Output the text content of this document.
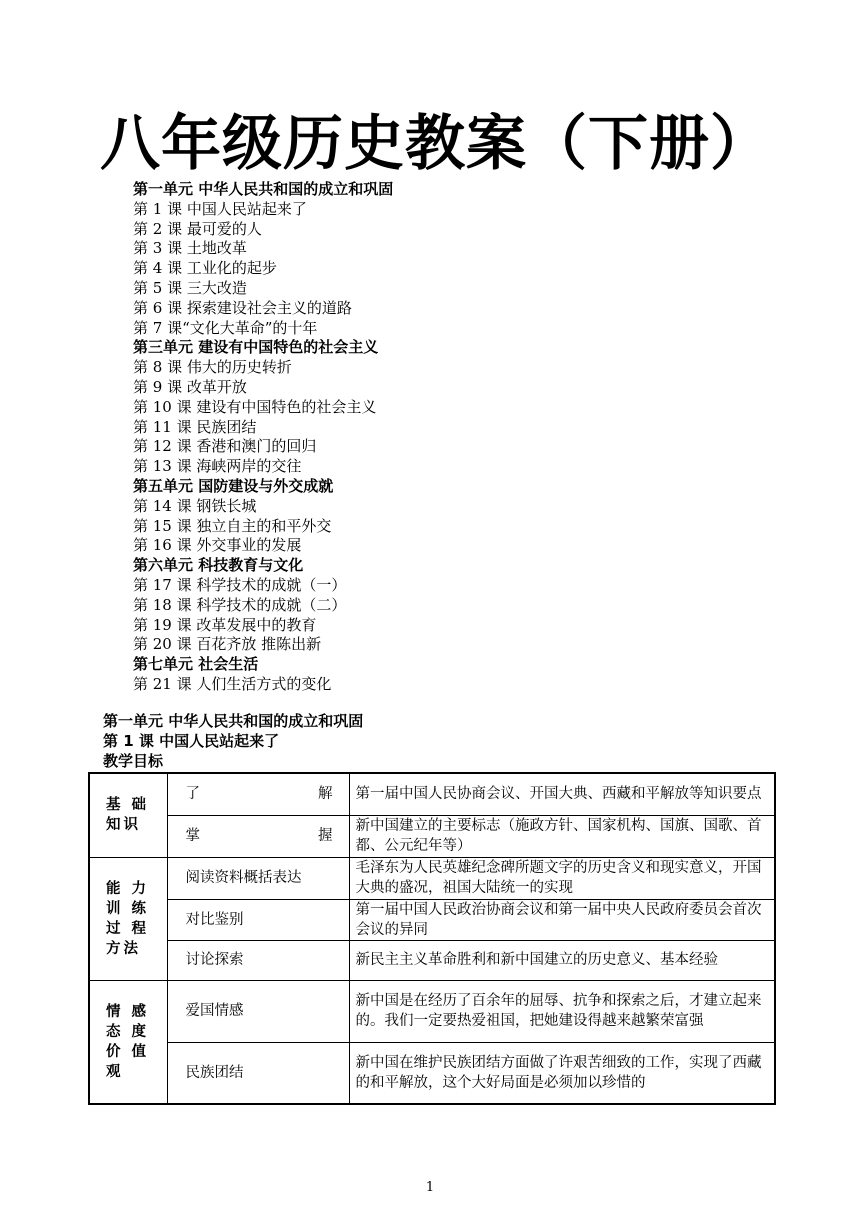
八年级历史教案（下册）
第一单元 中华人民共和国的成立和巩固
第 1 课 中国人民站起来了
第 2 课 最可爱的人
第 3 课 土地改革
第 4 课 工业化的起步
第 5 课 三大改造
第 6 课 探索建设社会主义的道路
第 7 课“文化大革命”的十年
第三单元 建设有中国特色的社会主义
第 8 课 伟大的历史转折
第 9 课 改革开放
第 10 课 建设有中国特色的社会主义
第 11 课 民族团结
第 12 课 香港和澳门的回归
第 13 课 海峡两岸的交往
第五单元 国防建设与外交成就
第 14 课 钢铁长城
第 15 课 独立自主的和平外交
第 16 课 外交事业的发展
第六单元 科技教育与文化
第 17 课 科学技术的成就（一）
第 18 课 科学技术的成就（二）
第 19 课 改革发展中的教育
第 20 课 百花齐放 推陈出新
第七单元 社会生活
第 21 课 人们生活方式的变化
第一单元 中华人民共和国的成立和巩固
第 1 课 中国人民站起来了
教学目标
基 础 知识	了 解	第一届中国人民协商会议、开国大典、西藏和平解放等知识要点

	掌 握	新中国建立的主要标志（施政方针、国家机构、国旗、国歌、首都、公元纪年等）
能 力 训 练 过 程 方法	阅读资料概括表达	毛泽东为人民英雄纪念碑所题文字的历史含义和现实意义，开国大典的盛况，祖国大陆统一的实现
	对比鉴别	第一届中国人民政治协商会议和第一届中央人民政府委员会首次会议的异同
	讨论探索	新民主主义革命胜利和新中国建立的历史意义、基本经验
情 感 态 度 价 值 观	爱国情感	新中国是在经历了百余年的屈辱、抗争和探索之后，才建立起来的。我们一定要热爱祖国，把她建设得越来越繁荣富强
	民族团结	新中国在维护民族团结方面做了许艰苦细致的工作，实现了西藏的和平解放，这个大好局面是必须加以珍惜的
1
